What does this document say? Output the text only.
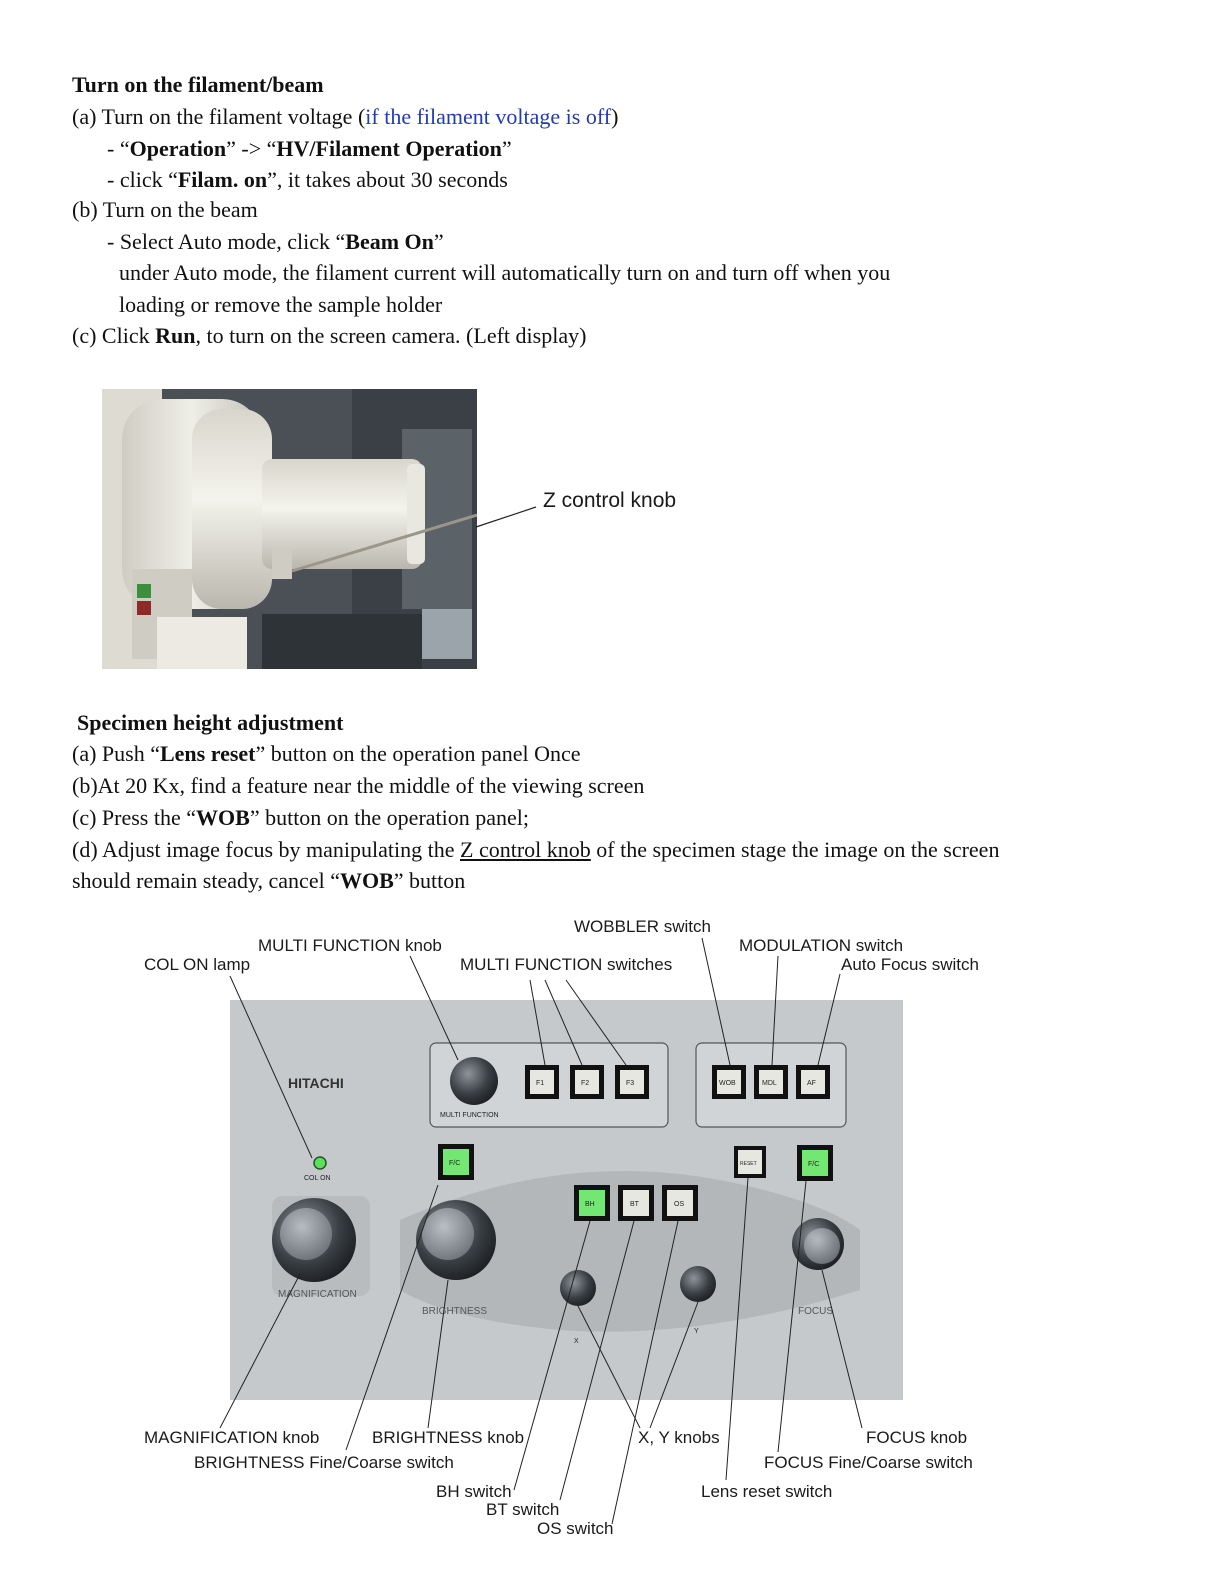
Turn on the filament/beam
(a) Turn on the filament voltage (if the filament voltage is off)
- “Operation” -> “HV/Filament Operation”
- click “Filam. on”, it takes about 30 seconds
(b) Turn on the beam
- Select Auto mode, click “Beam On”
under Auto mode, the filament current will automatically turn on and turn off when you
loading or remove the sample holder
(c) Click Run, to turn on the screen camera. (Left display)
Z control knob
Specimen height adjustment
(a) Push “Lens reset” button on the operation panel Once
(b)At 20 Kx, find a feature near the middle of the viewing screen
(c) Press the “WOB” button on the operation panel;
(d) Adjust image focus by manipulating the Z control knob of the specimen stage the image on the screen
should remain steady, cancel “WOB” button
HITACHI
MULTI FUNCTION
F1	F2	F3	WOB	MDL	AF
COL ON
F/C	RESET	F/C
BH	BT	OS
MAGNIFICATION
BRIGHTNESS
X
Y
FOCUS
WOBBLER switch
MULTI FUNCTION knob	MODULATION switch
COL ON lamp	MULTI FUNCTION switches	Auto Focus switch
MAGNIFICATION knob	BRIGHTNESS knob	X, Y knobs	FOCUS knob
BRIGHTNESS Fine/Coarse switch	FOCUS Fine/Coarse switch
BH switch	Lens reset switch
BT switch
OS switch
